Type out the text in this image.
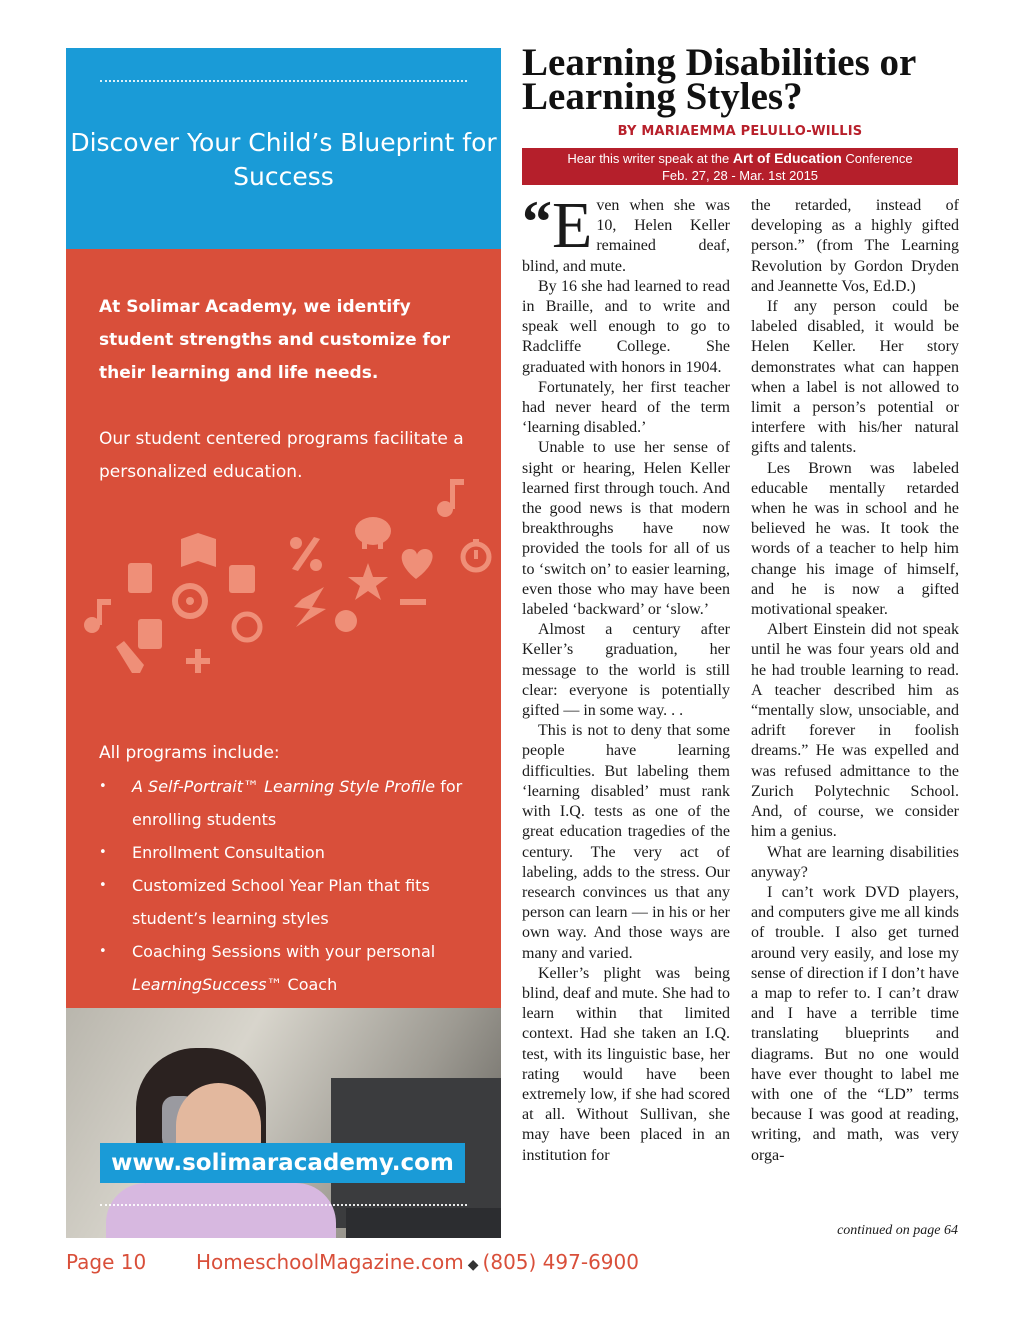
Discover Your Child’s Blueprint for Success
At Solimar Academy, we identify student strengths and customize for their learning and life needs.
Our student centered programs facilitate a personalized education.
All programs include:
• A Self-Portrait™ Learning Style Profile for enrolling students
• Enrollment Consultation
• Customized School Year Plan that fits student’s learning styles
• Coaching Sessions with your personal LearningSuccess™ Coach
www.solimaracademy.com
Learning Disabilities or Learning Styles?
BY MARIAEMMA PELULLO-WILLIS
Hear this writer speak at the Art of Education Conference
Feb. 27, 28 - Mar. 1st 2015

“E ven when she was 10, Helen Keller remained deaf, blind, and mute.

By 16 she had learned to read in Braille, and to write and speak well enough to go to Radcliffe College. She graduated with honors in 1904.

Fortunately, her first teacher had never heard of the term ‘learning disabled.’

Unable to use her sense of sight or hearing, Helen Keller learned first through touch. And the good news is that modern breakthroughs have now provided the tools for all of us to ‘switch on’ to easier learning, even those who may have been labeled ‘backward’ or ‘slow.’

Almost a century after Keller’s graduation, her message to the world is still clear: everyone is potentially gifted — in some way. . .

This is not to deny that some people have learning difficulties. But labeling them ‘learning disabled’ must rank with I.Q. tests as one of the great education tragedies of the century. The very act of labeling, adds to the stress. Our research convinces us that any person can learn — in his or her own way. And those ways are many and varied.

Keller’s plight was being blind, deaf and mute. She had to learn within that limited context. Had she taken an I.Q. test, with its linguistic base, her rating would have been extremely low, if she had scored at all. Without Sullivan, she may have been placed in an institution for

the retarded, instead of developing as a highly gifted person.” (from The Learning Revolution by Gordon Dryden and Jeannette Vos, Ed.D.)

If any person could be labeled disabled, it would be Helen Keller. Her story demonstrates what can happen when a label is not allowed to limit a person’s potential or interfere with his/her natural gifts and talents.

Les Brown was labeled educable mentally retarded when he was in school and he believed he was. It took the words of a teacher to help him change his image of himself, and he is now a gifted motivational speaker.

Albert Einstein did not speak until he was four years old and he had trouble learning to read. A teacher described him as “mentally slow, unsociable, and adrift forever in foolish dreams.” He was expelled and was refused admittance to the Zurich Polytechnic School. And, of course, we consider him a genius.

What are learning disabilities anyway?

I can’t work DVD players, and computers give me all kinds of trouble. I also get turned around very easily, and lose my sense of direction if I don’t have a map to refer to. I can’t draw and I have a terrible time translating blueprints and diagrams. But no one would have ever thought to label me with one of the “LD” terms because I was good at reading, writing, and math, was very orga-

continued on page 64
Page 10 HomeschoolMagazine.com ◆ (805) 497-6900
